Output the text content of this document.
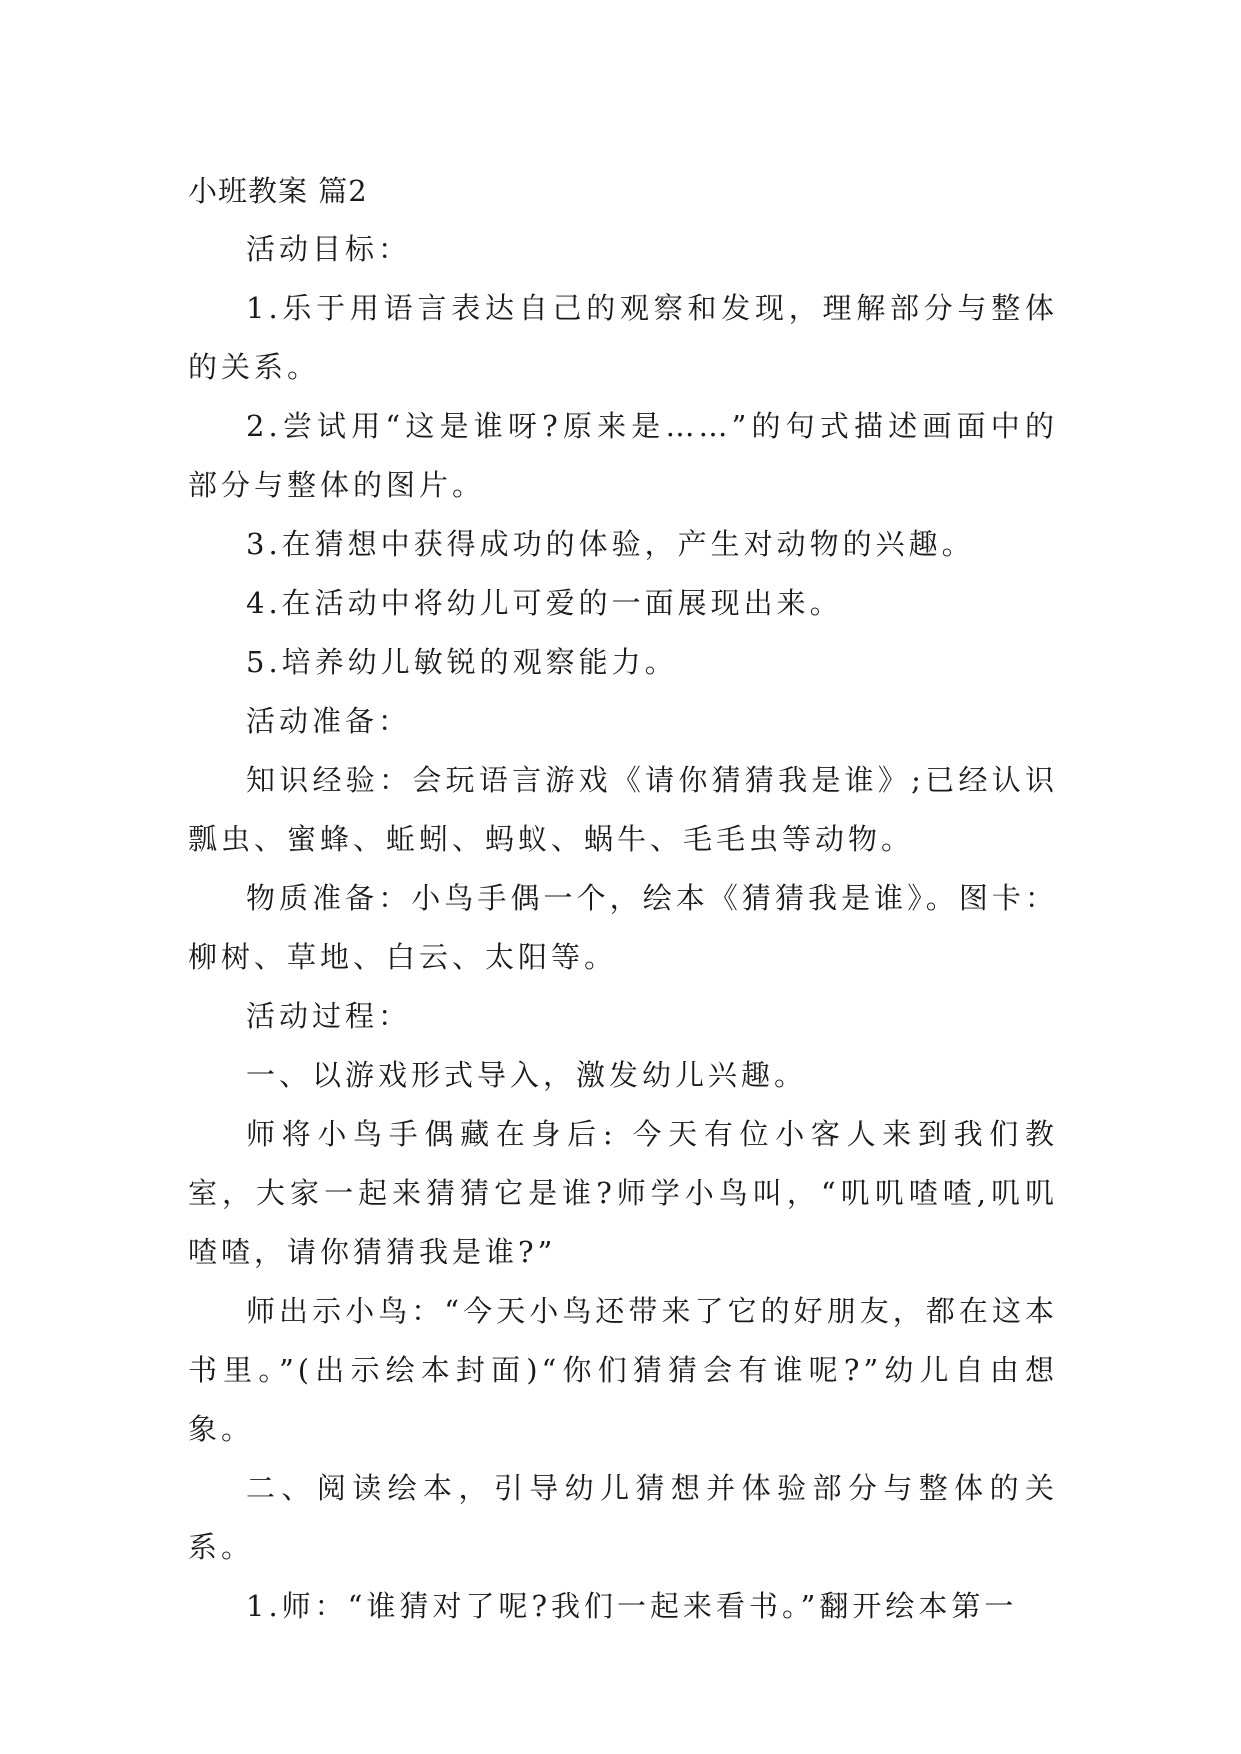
小班教案 篇2

活动目标：

1.乐于用语言表达自己的观察和发现，理解部分与整体的关系。

2.尝试用“这是谁呀?原来是……”的句式描述画面中的部分与整体的图片。

3.在猜想中获得成功的体验，产生对动物的兴趣。

4.在活动中将幼儿可爱的一面展现出来。

5.培养幼儿敏锐的观察能力。

活动准备：

知识经验：会玩语言游戏《请你猜猜我是谁》;已经认识瓢虫、蜜蜂、蚯蚓、蚂蚁、蜗牛、毛毛虫等动物。

物质准备：小鸟手偶一个，绘本《猜猜我是谁》。图卡：柳树、草地、白云、太阳等。

活动过程：

一、以游戏形式导入，激发幼儿兴趣。

师将小鸟手偶藏在身后: 今天有位小客人来到我们教室，大家一起来猜猜它是谁?师学小鸟叫，“叽叽喳喳,叽叽喳喳，请你猜猜我是谁?”

师出示小鸟：“今天小鸟还带来了它的好朋友，都在这本书里。”(出示绘本封面)“你们猜猜会有谁呢?”幼儿自由想象。

二、阅读绘本，引导幼儿猜想并体验部分与整体的关系。

1.师：“谁猜对了呢?我们一起来看书。”翻开绘本第一
